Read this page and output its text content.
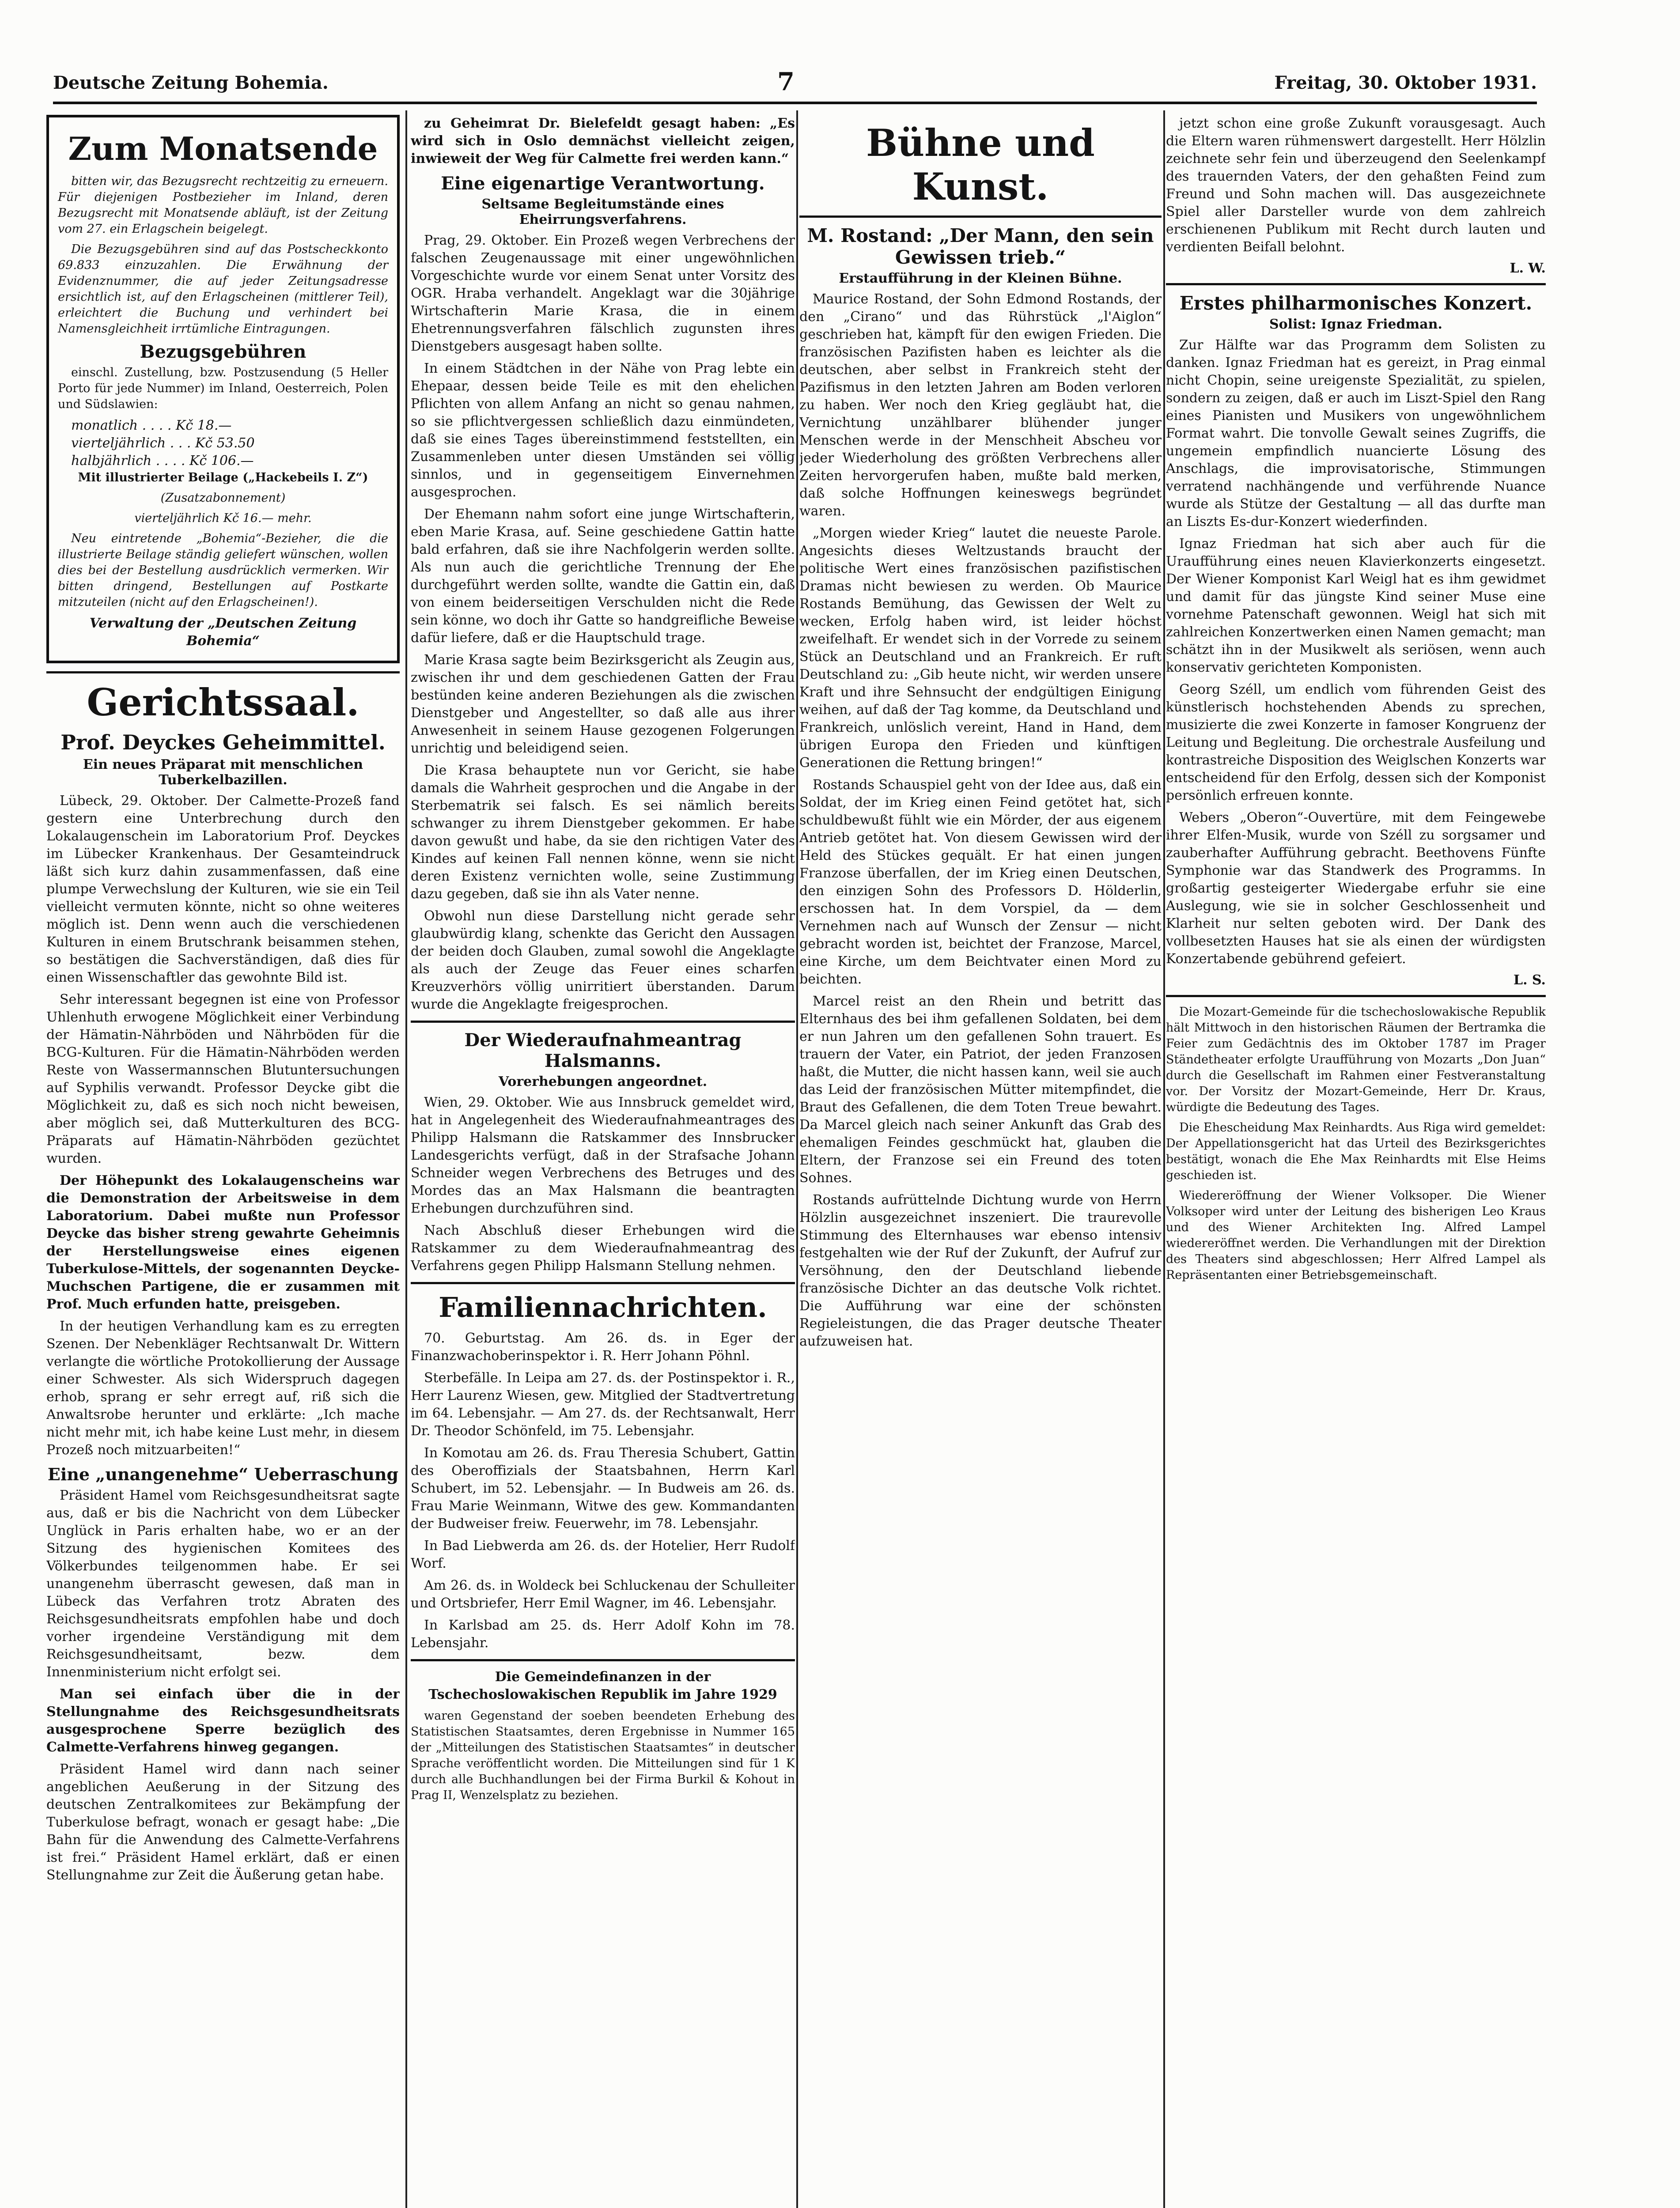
Deutsche Zeitung Bohemia.	7	Freitag, 30. Oktober 1931.
Zum Monatsende

bitten wir, das Bezugsrecht rechtzeitig zu erneuern. Für diejenigen Postbezieher im Inland, deren Bezugsrecht mit Monatsende abläuft, ist der Zeitung vom 27. ein Erlagschein beigelegt.

Die Bezugsgebühren sind auf das Postscheckkonto 69.833 einzuzahlen. Die Erwähnung der Evidenznummer, die auf jeder Zeitungsadresse ersichtlich ist, auf den Erlagscheinen (mittlerer Teil), erleichtert die Buchung und verhindert bei Namensgleichheit irrtümliche Eintragungen.

Bezugsgebühren

einschl. Zustellung, bzw. Postzusendung (5 Heller Porto für jede Nummer) im Inland, Oesterreich, Polen und Südslawien:

monatlich . . . . Kč 18.—
vierteljährlich . . . Kč 53.50
halbjährlich . . . . Kč 106.—

Mit illustrierter Beilage („Hackebeils I. Z“)

(Zusatzabonnement)

vierteljährlich Kč 16.— mehr.

Neu eintretende „Bohemia“-Bezieher, die die illustrierte Beilage ständig geliefert wünschen, wollen dies bei der Bestellung ausdrücklich vermerken. Wir bitten dringend, Bestellungen auf Postkarte mitzuteilen (nicht auf den Erlagscheinen!).

Verwaltung der „Deutschen Zeitung Bohemia“

Gerichtssaal.
Prof. Deyckes Geheimmittel.
Ein neues Präparat mit menschlichen Tuberkelbazillen.

Lübeck, 29. Oktober. Der Calmette-Prozeß fand gestern eine Unterbrechung durch den Lokalaugenschein im Laboratorium Prof. Deyckes im Lübecker Krankenhaus. Der Gesamteindruck läßt sich kurz dahin zusammenfassen, daß eine plumpe Verwechslung der Kulturen, wie sie ein Teil vielleicht vermuten könnte, nicht so ohne weiteres möglich ist. Denn wenn auch die verschiedenen Kulturen in einem Brutschrank beisammen stehen, so bestätigen die Sachverständigen, daß dies für einen Wissenschaftler das gewohnte Bild ist.

Sehr interessant begegnen ist eine von Professor Uhlenhuth erwogene Möglichkeit einer Verbindung der Hämatin-Nährböden und Nährböden für die BCG-Kulturen. Für die Hämatin-Nährböden werden Reste von Wassermannschen Blutuntersuchungen auf Syphilis verwandt. Professor Deycke gibt die Möglichkeit zu, daß es sich noch nicht beweisen, aber möglich sei, daß Mutterkulturen des BCG-Präparats auf Hämatin-Nährböden gezüchtet wurden.

Der Höhepunkt des Lokalaugenscheins war die Demonstration der Arbeitsweise in dem Laboratorium. Dabei mußte nun Professor Deycke das bisher streng gewahrte Geheimnis der Herstellungsweise eines eigenen Tuberkulose-Mittels, der sogenannten Deycke-Muchschen Partigene, die er zusammen mit Prof. Much erfunden hatte, preisgeben.

In der heutigen Verhandlung kam es zu erregten Szenen. Der Nebenkläger Rechtsanwalt Dr. Wittern verlangte die wörtliche Protokollierung der Aussage einer Schwester. Als sich Widerspruch dagegen erhob, sprang er sehr erregt auf, riß sich die Anwaltsrobe herunter und erklärte: „Ich mache nicht mehr mit, ich habe keine Lust mehr, in diesem Prozeß noch mitzuarbeiten!“

Eine „unangenehme“ Ueberraschung

Präsident Hamel vom Reichsgesundheitsrat sagte aus, daß er bis die Nachricht von dem Lübecker Unglück in Paris erhalten habe, wo er an der Sitzung des hygienischen Komitees des Völkerbundes teilgenommen habe. Er sei unangenehm überrascht gewesen, daß man in Lübeck das Verfahren trotz Abraten des Reichsgesundheitsrats empfohlen habe und doch vorher irgendeine Verständigung mit dem Reichsgesundheitsamt, bezw. dem Innenministerium nicht erfolgt sei.

Man sei einfach über die in der Stellungnahme des Reichsgesundheitsrats ausgesprochene Sperre bezüglich des Calmette-Verfahrens hinweg gegangen.

Präsident Hamel wird dann nach seiner angeblichen Aeußerung in der Sitzung des deutschen Zentralkomitees zur Bekämpfung der Tuberkulose befragt, wonach er gesagt habe: „Die Bahn für die Anwendung des Calmette-Verfahrens ist frei.“ Präsident Hamel erklärt, daß er einen Stellungnahme zur Zeit die Äußerung getan habe.

zu Geheimrat Dr. Bielefeldt gesagt haben: „Es wird sich in Oslo demnächst vielleicht zeigen, inwieweit der Weg für Calmette frei werden kann.“

Eine eigenartige Verantwortung.
Seltsame Begleitumstände eines Eheirrungsverfahrens.

Prag, 29. Oktober. Ein Prozeß wegen Verbrechens der falschen Zeugenaussage mit einer ungewöhnlichen Vorgeschichte wurde vor einem Senat unter Vorsitz des OGR. Hraba verhandelt. Angeklagt war die 30jährige Wirtschafterin Marie Krasa, die in einem Ehetrennungsverfahren fälschlich zugunsten ihres Dienstgebers ausgesagt haben sollte.

In einem Städtchen in der Nähe von Prag lebte ein Ehepaar, dessen beide Teile es mit den ehelichen Pflichten von allem Anfang an nicht so genau nahmen, so sie pflichtvergessen schließlich dazu einmündeten, daß sie eines Tages übereinstimmend feststellten, ein Zusammenleben unter diesen Umständen sei völlig sinnlos, und in gegenseitigem Einvernehmen ausgesprochen.

Der Ehemann nahm sofort eine junge Wirtschafterin, eben Marie Krasa, auf. Seine geschiedene Gattin hatte bald erfahren, daß sie ihre Nachfolgerin werden sollte. Als nun auch die gerichtliche Trennung der Ehe durchgeführt werden sollte, wandte die Gattin ein, daß von einem beiderseitigen Verschulden nicht die Rede sein könne, wo doch ihr Gatte so handgreifliche Beweise dafür liefere, daß er die Hauptschuld trage.

Marie Krasa sagte beim Bezirksgericht als Zeugin aus, zwischen ihr und dem geschiedenen Gatten der Frau bestünden keine anderen Beziehungen als die zwischen Dienstgeber und Angestellter, so daß alle aus ihrer Anwesenheit in seinem Hause gezogenen Folgerungen unrichtig und beleidigend seien.

Die Krasa behauptete nun vor Gericht, sie habe damals die Wahrheit gesprochen und die Angabe in der Sterbematrik sei falsch. Es sei nämlich bereits schwanger zu ihrem Dienstgeber gekommen. Er habe davon gewußt und habe, da sie den richtigen Vater des Kindes auf keinen Fall nennen könne, wenn sie nicht deren Existenz vernichten wolle, seine Zustimmung dazu gegeben, daß sie ihn als Vater nenne.

Obwohl nun diese Darstellung nicht gerade sehr glaubwürdig klang, schenkte das Gericht den Aussagen der beiden doch Glauben, zumal sowohl die Angeklagte als auch der Zeuge das Feuer eines scharfen Kreuzverhörs völlig unirritiert überstanden. Darum wurde die Angeklagte freigesprochen.

Der Wiederaufnahmeantrag Halsmanns.
Vorerhebungen angeordnet.

Wien, 29. Oktober. Wie aus Innsbruck gemeldet wird, hat in Angelegenheit des Wiederaufnahmeantrages des Philipp Halsmann die Ratskammer des Innsbrucker Landesgerichts verfügt, daß in der Strafsache Johann Schneider wegen Verbrechens des Betruges und des Mordes das an Max Halsmann die beantragten Erhebungen durchzuführen sind.

Nach Abschluß dieser Erhebungen wird die Ratskammer zu dem Wiederaufnahmeantrag des Verfahrens gegen Philipp Halsmann Stellung nehmen.

Familiennachrichten.

70. Geburtstag. Am 26. ds. in Eger der Finanzwachoberinspektor i. R. Herr Johann Pöhnl.

Sterbefälle. In Leipa am 27. ds. der Postinspektor i. R., Herr Laurenz Wiesen, gew. Mitglied der Stadtvertretung im 64. Lebensjahr. — Am 27. ds. der Rechtsanwalt, Herr Dr. Theodor Schönfeld, im 75. Lebensjahr.

In Komotau am 26. ds. Frau Theresia Schubert, Gattin des Oberoffizials der Staatsbahnen, Herrn Karl Schubert, im 52. Lebensjahr. — In Budweis am 26. ds. Frau Marie Weinmann, Witwe des gew. Kommandanten der Budweiser freiw. Feuerwehr, im 78. Lebensjahr.

In Bad Liebwerda am 26. ds. der Hotelier, Herr Rudolf Worf.

Am 26. ds. in Woldeck bei Schluckenau der Schulleiter und Ortsbriefer, Herr Emil Wagner, im 46. Lebensjahr.

In Karlsbad am 25. ds. Herr Adolf Kohn im 78. Lebensjahr.

Die Gemeindefinanzen in der Tschechoslowakischen Republik im Jahre 1929

waren Gegenstand der soeben beendeten Erhebung des Statistischen Staatsamtes, deren Ergebnisse in Nummer 165 der „Mitteilungen des Statistischen Staatsamtes“ in deutscher Sprache veröffentlicht worden. Die Mitteilungen sind für 1 K durch alle Buchhandlungen bei der Firma Burkil & Kohout in Prag II, Wenzelsplatz zu beziehen.

Bühne und Kunst.
M. Rostand: „Der Mann, den sein Gewissen trieb.“
Erstaufführung in der Kleinen Bühne.

Maurice Rostand, der Sohn Edmond Rostands, der den „Cirano“ und das Rührstück „l'Aiglon“ geschrieben hat, kämpft für den ewigen Frieden. Die französischen Pazifisten haben es leichter als die deutschen, aber selbst in Frankreich steht der Pazifismus in den letzten Jahren am Boden verloren zu haben. Wer noch den Krieg gegläubt hat, die Vernichtung unzählbarer blühender junger Menschen werde in der Menschheit Abscheu vor jeder Wiederholung des größten Verbrechens aller Zeiten hervorgerufen haben, mußte bald merken, daß solche Hoffnungen keineswegs begründet waren.

„Morgen wieder Krieg“ lautet die neueste Parole. Angesichts dieses Weltzustands braucht der politische Wert eines französischen pazifistischen Dramas nicht bewiesen zu werden. Ob Maurice Rostands Bemühung, das Gewissen der Welt zu wecken, Erfolg haben wird, ist leider höchst zweifelhaft. Er wendet sich in der Vorrede zu seinem Stück an Deutschland und an Frankreich. Er ruft Deutschland zu: „Gib heute nicht, wir werden unsere Kraft und ihre Sehnsucht der endgültigen Einigung weihen, auf daß der Tag komme, da Deutschland und Frankreich, unlöslich vereint, Hand in Hand, dem übrigen Europa den Frieden und künftigen Generationen die Rettung bringen!“

Rostands Schauspiel geht von der Idee aus, daß ein Soldat, der im Krieg einen Feind getötet hat, sich schuldbewußt fühlt wie ein Mörder, der aus eigenem Antrieb getötet hat. Von diesem Gewissen wird der Held des Stückes gequält. Er hat einen jungen Franzose überfallen, der im Krieg einen Deutschen, den einzigen Sohn des Professors D. Hölderlin, erschossen hat. In dem Vorspiel, da — dem Vernehmen nach auf Wunsch der Zensur — nicht gebracht worden ist, beichtet der Franzose, Marcel, eine Kirche, um dem Beichtvater einen Mord zu beichten.

Marcel reist an den Rhein und betritt das Elternhaus des bei ihm gefallenen Soldaten, bei dem er nun Jahren um den gefallenen Sohn trauert. Es trauern der Vater, ein Patriot, der jeden Franzosen haßt, die Mutter, die nicht hassen kann, weil sie auch das Leid der französischen Mütter mitempfindet, die Braut des Gefallenen, die dem Toten Treue bewahrt. Da Marcel gleich nach seiner Ankunft das Grab des ehemaligen Feindes geschmückt hat, glauben die Eltern, der Franzose sei ein Freund des toten Sohnes.

Rostands aufrüttelnde Dichtung wurde von Herrn Hölzlin ausgezeichnet inszeniert. Die traurevolle Stimmung des Elternhauses war ebenso intensiv festgehalten wie der Ruf der Zukunft, der Aufruf zur Versöhnung, den der Deutschland liebende französische Dichter an das deutsche Volk richtet. Die Aufführung war eine der schönsten Regieleistungen, die das Prager deutsche Theater aufzuweisen hat.

jetzt schon eine große Zukunft vorausgesagt. Auch die Eltern waren rühmenswert dargestellt. Herr Hölzlin zeichnete sehr fein und überzeugend den Seelenkampf des trauernden Vaters, der den gehaßten Feind zum Freund und Sohn machen will. Das ausgezeichnete Spiel aller Darsteller wurde von dem zahlreich erschienenen Publikum mit Recht durch lauten und verdienten Beifall belohnt.

L. W.
Erstes philharmonisches Konzert.
Solist: Ignaz Friedman.

Zur Hälfte war das Programm dem Solisten zu danken. Ignaz Friedman hat es gereizt, in Prag einmal nicht Chopin, seine ureigenste Spezialität, zu spielen, sondern zu zeigen, daß er auch im Liszt-Spiel den Rang eines Pianisten und Musikers von ungewöhnlichem Format wahrt. Die tonvolle Gewalt seines Zugriffs, die ungemein empfindlich nuancierte Lösung des Anschlags, die improvisatorische, Stimmungen verratend nachhängende und verführende Nuance wurde als Stütze der Gestaltung — all das durfte man an Liszts Es-dur-Konzert wiederfinden.

Ignaz Friedman hat sich aber auch für die Uraufführung eines neuen Klavierkonzerts eingesetzt. Der Wiener Komponist Karl Weigl hat es ihm gewidmet und damit für das jüngste Kind seiner Muse eine vornehme Patenschaft gewonnen. Weigl hat sich mit zahlreichen Konzertwerken einen Namen gemacht; man schätzt ihn in der Musikwelt als seriösen, wenn auch konservativ gerichteten Komponisten.

Georg Széll, um endlich vom führenden Geist des künstlerisch hochstehenden Abends zu sprechen, musizierte die zwei Konzerte in famoser Kongruenz der Leitung und Begleitung. Die orchestrale Ausfeilung und kontrastreiche Disposition des Weiglschen Konzerts war entscheidend für den Erfolg, dessen sich der Komponist persönlich erfreuen konnte.

Webers „Oberon“-Ouvertüre, mit dem Feingewebe ihrer Elfen-Musik, wurde von Széll zu sorgsamer und zauberhafter Aufführung gebracht. Beethovens Fünfte Symphonie war das Standwerk des Programms. In großartig gesteigerter Wiedergabe erfuhr sie eine Auslegung, wie sie in solcher Geschlossenheit und Klarheit nur selten geboten wird. Der Dank des vollbesetzten Hauses hat sie als einen der würdigsten Konzertabende gebührend gefeiert.

L. S.

Die Mozart-Gemeinde für die tschechoslowakische Republik hält Mittwoch in den historischen Räumen der Bertramka die Feier zum Gedächtnis des im Oktober 1787 im Prager Ständetheater erfolgte Uraufführung von Mozarts „Don Juan“ durch die Gesellschaft im Rahmen einer Festveranstaltung vor. Der Vorsitz der Mozart-Gemeinde, Herr Dr. Kraus, würdigte die Bedeutung des Tages.

Die Ehescheidung Max Reinhardts. Aus Riga wird gemeldet: Der Appellationsgericht hat das Urteil des Bezirksgerichtes bestätigt, wonach die Ehe Max Reinhardts mit Else Heims geschieden ist.

Wiedereröffnung der Wiener Volksoper. Die Wiener Volksoper wird unter der Leitung des bisherigen Leo Kraus und des Wiener Architekten Ing. Alfred Lampel wiedereröffnet werden. Die Verhandlungen mit der Direktion des Theaters sind abgeschlossen; Herr Alfred Lampel als Repräsentanten einer Betriebsgemeinschaft.
